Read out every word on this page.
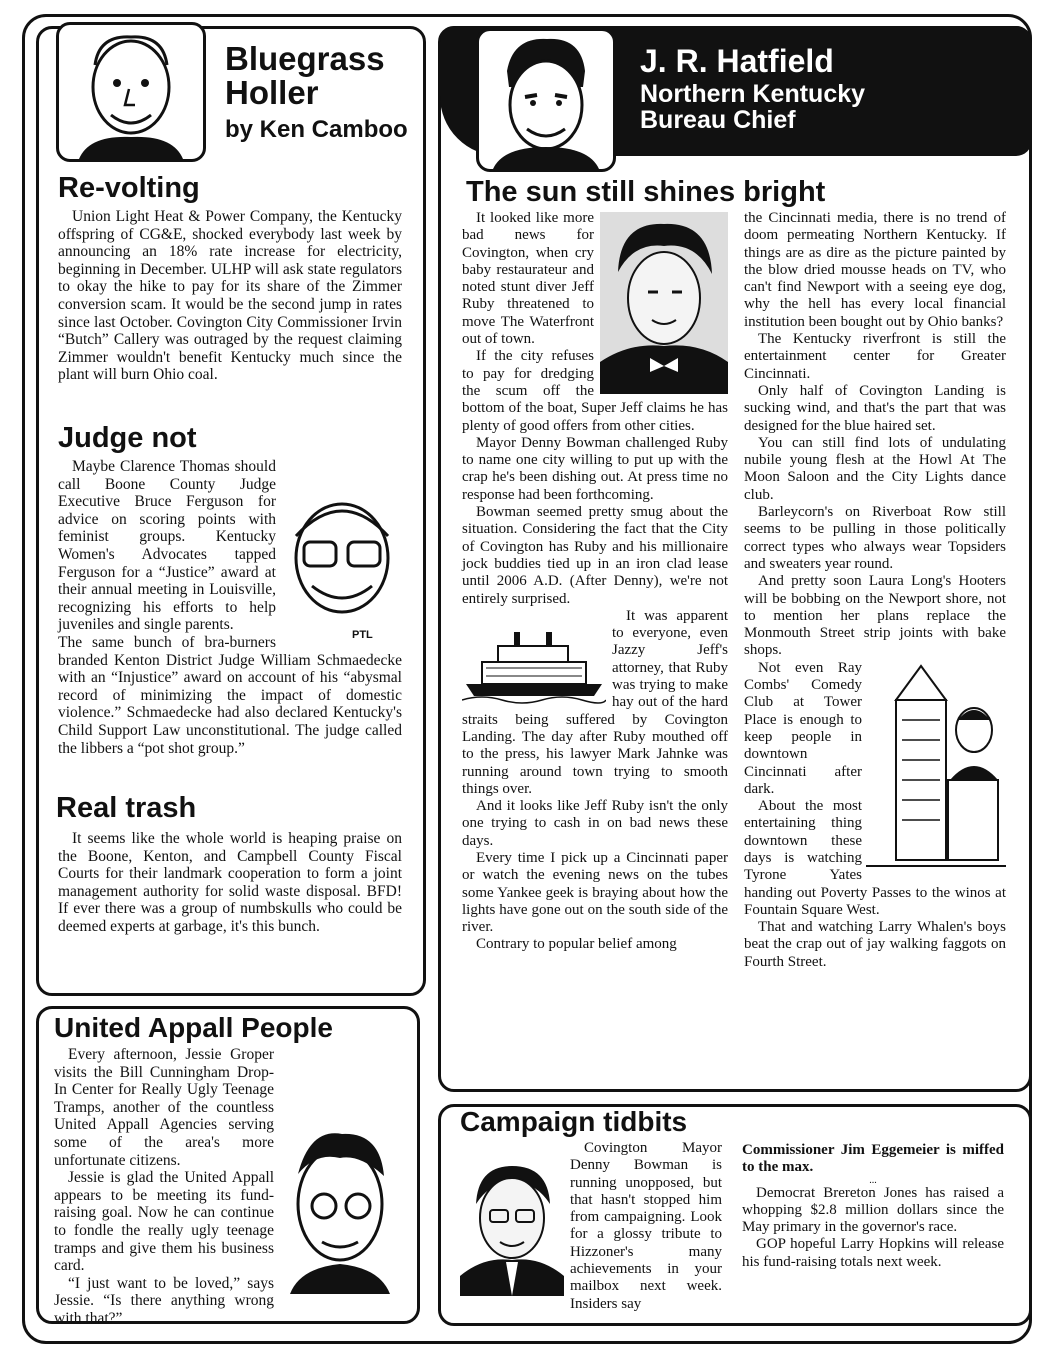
Bluegrass
Holler
by Ken Camboo
Re-volting

Union Light Heat & Power Company, the Kentucky offspring of CG&E, shocked everybody last week by announcing an 18% rate increase for electricity, beginning in December. ULHP will ask state regulators to okay the hike to pay for its share of the Zimmer conversion scam. It would be the second jump in rates since last October. Covington City Commissioner Irvin “Butch” Callery was outraged by the request claiming Zimmer wouldn't benefit Kentucky much since the plant will burn Ohio coal.

Judge not
PTL

Maybe Clarence Thomas should call Boone County Judge Executive Bruce Ferguson for advice on scoring points with feminist groups. Kentucky Women's Advocates tapped Ferguson for a “Justice” award at their annual meeting in Louisville, recognizing his efforts to help juveniles and single parents.

The same bunch of bra-burners branded Kenton District Judge William Schmaedecke with an “Injustice” award on account of his “abysmal record of minimizing the impact of domestic violence.” Schmaedecke had also declared Kentucky's Child Support Law unconstitutional. The judge called the libbers a “pot shot group.”

Real trash

It seems like the whole world is heaping praise on the Boone, Kenton, and Campbell County Fiscal Courts for their landmark cooperation to form a joint management authority for solid waste disposal. BFD! If ever there was a group of numbskulls who could be deemed experts at garbage, it's this bunch.

United Appall People

Every afternoon, Jessie Groper visits the Bill Cunningham Drop-In Center for Really Ugly Teenage Tramps, another of the countless United Appall Agencies serving some of the area's more unfortunate citizens.

Jessie is glad the United Appall appears to be meeting its fund-raising goal. Now he can continue to fondle the really ugly teenage tramps and give them his business card.

“I just want to be loved,” says Jessie. “Is there anything wrong with that?”

J. R. Hatfield
Northern Kentucky
Bureau Chief
The sun still shines bright

It looked like more bad news for Covington, when cry baby restaurateur and noted stunt diver Jeff Ruby threatened to move The Waterfront out of town.

If the city refuses to pay for dredging the scum off the bottom of the boat, Super Jeff claims he has plenty of good offers from other cities.

Mayor Denny Bowman challenged Ruby to name one city willing to put up with the crap he's been dishing out. At press time no response had been forthcoming.

Bowman seemed pretty smug about the situation. Considering the fact that the City of Covington has Ruby and his millionaire jock buddies tied up in an iron clad lease until 2006 A.D. (After Denny), we're not entirely surprised.

It was apparent to everyone, even Jazzy Jeff's attorney, that Ruby was trying to make hay out of the hard straits being suffered by Covington Landing. The day after Ruby mouthed off to the press, his lawyer Mark Jahnke was running around town trying to smooth things over.

And it looks like Jeff Ruby isn't the only one trying to cash in on bad news these days.

Every time I pick up a Cincinnati paper or watch the evening news on the tubes some Yankee geek is braying about how the lights have gone out on the south side of the river.

Contrary to popular belief among

the Cincinnati media, there is no trend of doom permeating Northern Kentucky. If things are as dire as the picture painted by the blow dried mousse heads on TV, who can't find Newport with a seeing eye dog, why the hell has every local financial institution been bought out by Ohio banks?

The Kentucky riverfront is still the entertainment center for Greater Cincinnati.

Only half of Covington Landing is sucking wind, and that's the part that was designed for the blue haired set.

You can still find lots of undulating nubile young flesh at the Howl At The Moon Saloon and the City Lights dance club.

Barleycorn's on Riverboat Row still seems to be pulling in those politically correct types who always wear Topsiders and sweaters year round.

And pretty soon Laura Long's Hooters will be bobbing on the Newport shore, not to mention her plans replace the Monmouth Street strip joints with bake shops.

Not even Ray Combs' Comedy Club at Tower Place is enough to keep people in downtown Cincinnati after dark.

About the most entertaining thing downtown these days is watching Tyrone Yates handing out Poverty Passes to the winos at Fountain Square West.

That and watching Larry Whalen's boys beat the crap out of jay walking faggots on Fourth Street.

Campaign tidbits

Covington Mayor Denny Bowman is running unopposed, but that hasn't stopped him from campaigning. Look for a glossy tribute to Hizzoner's many achievements in your mailbox next week. Insiders say

Commissioner Jim Eggemeier is miffed to the max.

...

Democrat Brereton Jones has raised a whopping $2.8 million dollars since the May primary in the governor's race.

GOP hopeful Larry Hopkins will release his fund-raising totals next week.
